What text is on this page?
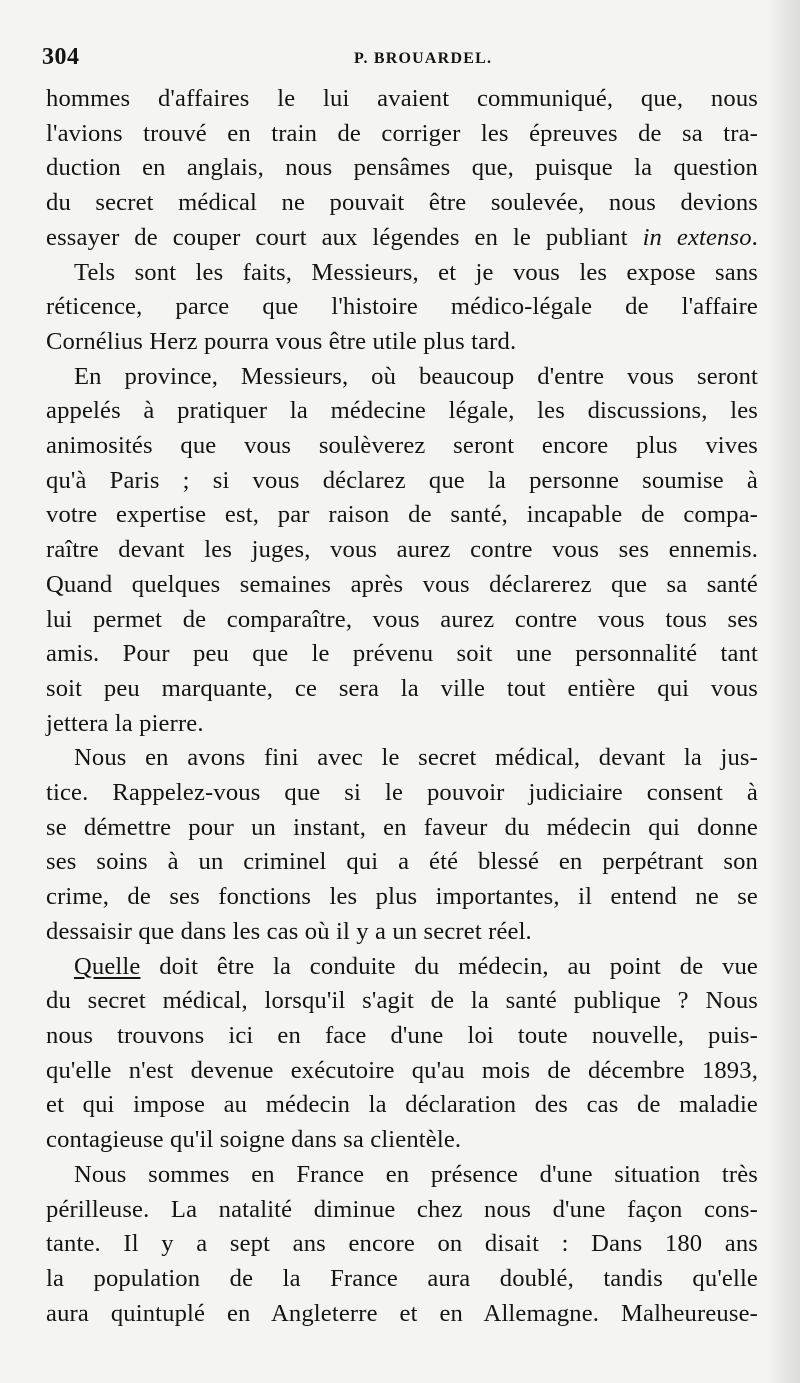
304	P. BROUARDEL.
hommes d'affaires le lui avaient communiqué, que, nous
l'avions trouvé en train de corriger les épreuves de sa tra-
duction en anglais, nous pensâmes que, puisque la question
du secret médical ne pouvait être soulevée, nous devions
essayer de couper court aux légendes en le publiant in extenso.
Tels sont les faits, Messieurs, et je vous les expose sans
réticence, parce que l'histoire médico-légale de l'affaire
Cornélius Herz pourra vous être utile plus tard.
En province, Messieurs, où beaucoup d'entre vous seront
appelés à pratiquer la médecine légale, les discussions, les
animosités que vous soulèverez seront encore plus vives
qu'à Paris ; si vous déclarez que la personne soumise à
votre expertise est, par raison de santé, incapable de compa-
raître devant les juges, vous aurez contre vous ses ennemis.
Quand quelques semaines après vous déclarerez que sa santé
lui permet de comparaître, vous aurez contre vous tous ses
amis. Pour peu que le prévenu soit une personnalité tant
soit peu marquante, ce sera la ville tout entière qui vous
jettera la pierre.
Nous en avons fini avec le secret médical, devant la jus-
tice. Rappelez-vous que si le pouvoir judiciaire consent à
se démettre pour un instant, en faveur du médecin qui donne
ses soins à un criminel qui a été blessé en perpétrant son
crime, de ses fonctions les plus importantes, il entend ne se
dessaisir que dans les cas où il y a un secret réel.
Quelle doit être la conduite du médecin, au point de vue
du secret médical, lorsqu'il s'agit de la santé publique ? Nous
nous trouvons ici en face d'une loi toute nouvelle, puis-
qu'elle n'est devenue exécutoire qu'au mois de décembre 1893,
et qui impose au médecin la déclaration des cas de maladie
contagieuse qu'il soigne dans sa clientèle.
Nous sommes en France en présence d'une situation très
périlleuse. La natalité diminue chez nous d'une façon cons-
tante. Il y a sept ans encore on disait : Dans 180 ans
la population de la France aura doublé, tandis qu'elle
aura quintuplé en Angleterre et en Allemagne. Malheureuse-
